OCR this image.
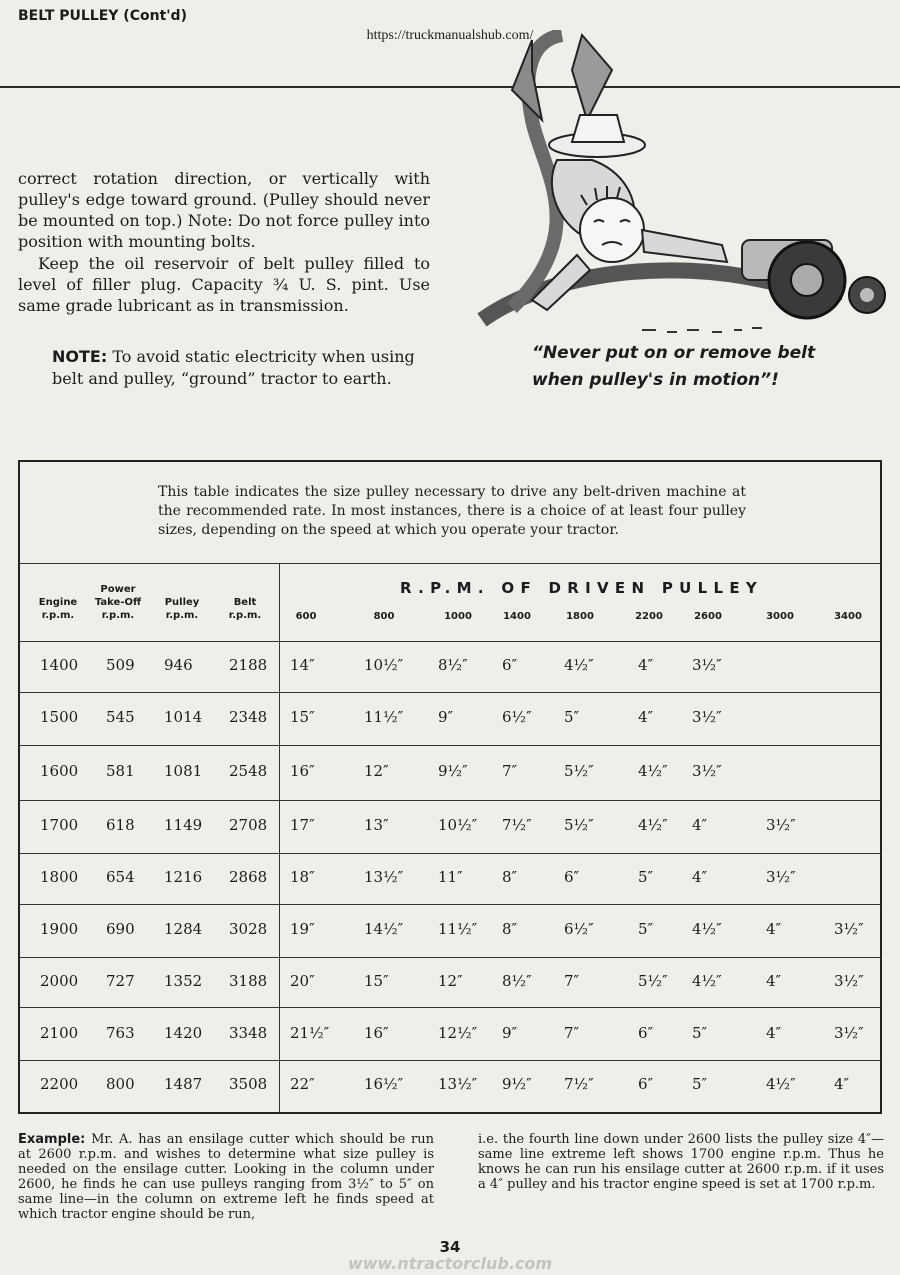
BELT PULLEY (Cont'd)
https://truckmanualshub.com/

correct rotation direction, or vertically with pulley's edge toward ground. (Pulley should never be mounted on top.) Note: Do not force pulley into position with mounting bolts.

Keep the oil reservoir of belt pulley filled to level of filler plug. Capacity ¾ U. S. pint. Use same grade lubricant as in transmission.

NOTE: To avoid static electricity when using belt and pulley, “ground” tractor to earth.

“Never put on or remove belt
when pulley's in motion”!

This table indicates the size pulley necessary to drive any belt-driven machine at the recommended rate. In most instances, there is a choice of at least four pulley sizes, depending on the speed at which you operate your tractor.

Engine
r.p.m.
Power
Take-Off
r.p.m.
Pulley
r.p.m.
Belt
r.p.m.
R.P.M. OF DRIVEN PULLEY
600	800	1000	1400	1800	2200	2600	3000	3400
1400 509 946 2188 14″	10½″ 8½″ 6″	4½″	4″	3½″
1500 545 1014 2348 15″	11½″ 9″	6½″ 5″	4″	3½″
1600 581 1081 2548 16″	12″	9½″ 7″	5½″	4½″ 3½″
1700 618 1149 2708 17″	13″	10½″ 7½″ 5½″	4½″ 4″	3½″
1800 654 1216 2868 18″	13½″ 11″	8″	6″	5″	4″	3½″
1900 690 1284 3028 19″	14½″ 11½″ 8″	6½″	5″	4½″	4″	3½″
2000 727 1352 3188 20″	15″	12″	8½″ 7″	5½″ 4½″	4″	3½″
2100 763 1420 3348 21½″ 16″	12½″ 9″	7″	6″	5″	4″	3½″
2200 800 1487 3508 22″	16½″ 13½″ 9½″ 7½″	6″	5″	4½″	4″

Example: Mr. A. has an ensilage cutter which should be run at 2600 r.p.m. and wishes to determine what size pulley is needed on the ensilage cutter. Looking in the column under 2600, he finds he can use pulleys ranging from 3½″ to 5″ on same line—in the column on extreme left he finds speed at which tractor engine should be run,

i.e. the fourth line down under 2600 lists the pulley size 4″—same line extreme left shows 1700 engine r.p.m. Thus he knows he can run his ensilage cutter at 2600 r.p.m. if it uses a 4″ pulley and his tractor engine speed is set at 1700 r.p.m.

34
www.ntractorclub.com
